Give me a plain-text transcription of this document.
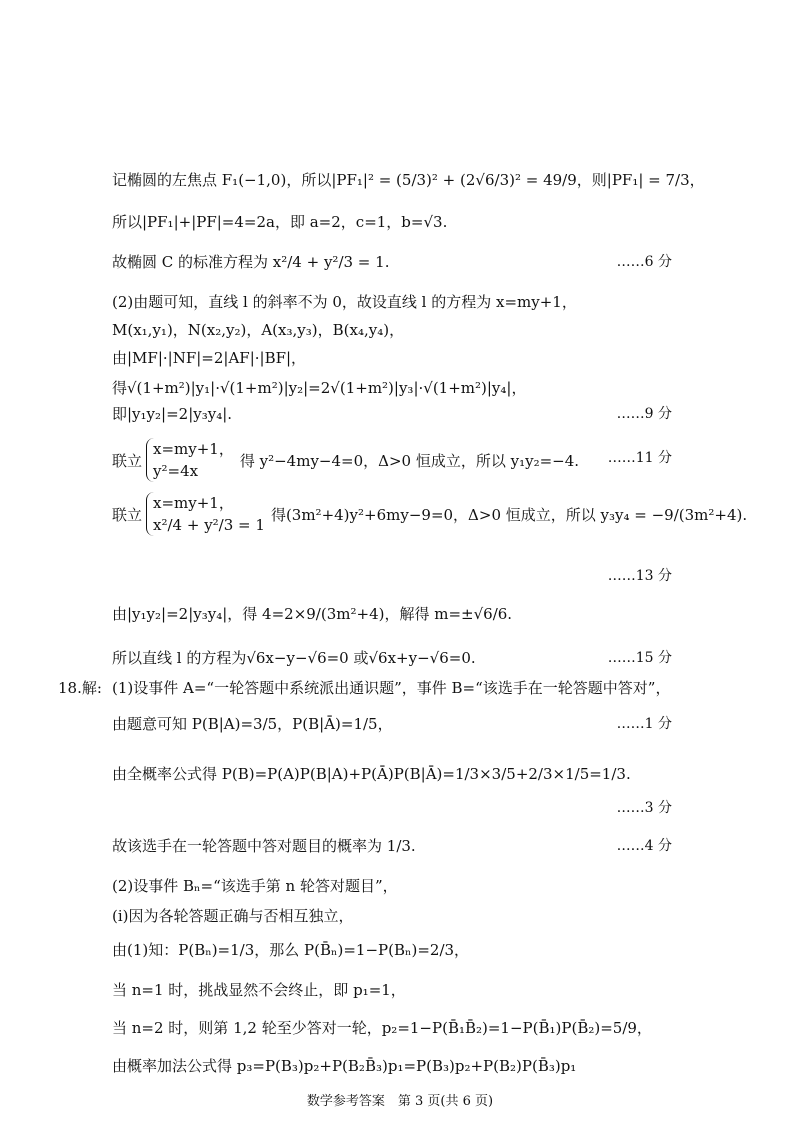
记椭圆的左焦点 F₁(−1,0)，所以|PF₁|² = (5/3)² + (2√6/3)² = 49/9，则|PF₁| = 7/3，
所以|PF₁|+|PF|=4=2a，即 a=2，c=1，b=√3.
故椭圆 C 的标准方程为 x²/4 + y²/3 = 1.	……6 分
(2)由题可知，直线 l 的斜率不为 0，故设直线 l 的方程为 x=my+1，
M(x₁,y₁)，N(x₂,y₂)，A(x₃,y₃)，B(x₄,y₄)，
由|MF|·|NF|=2|AF|·|BF|，
得√(1+m²)|y₁|·√(1+m²)|y₂|=2√(1+m²)|y₃|·√(1+m²)|y₄|，
即|y₁y₂|=2|y₃y₄|.	……9 分
联立
x=my+1，
y²=4x
得 y²−4my−4=0，Δ>0 恒成立，所以 y₁y₂=−4. ……11 分
联立
x=my+1，
x²/4 + y²/3 = 1
得(3m²+4)y²+6my−9=0，Δ>0 恒成立，所以 y₃y₄ = −9/(3m²+4).
……13 分
由|y₁y₂|=2|y₃y₄|，得 4=2×9/(3m²+4)，解得 m=±√6/6.
所以直线 l 的方程为√6x−y−√6=0 或√6x+y−√6=0.	……15 分
18.解: (1)设事件 A=“一轮答题中系统派出通识题”，事件 B=“该选手在一轮答题中答对”，
由题意可知 P(B|A)=3/5，P(B|Ā)=1/5，	……1 分
由全概率公式得 P(B)=P(A)P(B|A)+P(Ā)P(B|Ā)=1/3×3/5+2/3×1/5=1/3.
……3 分
故该选手在一轮答题中答对题目的概率为 1/3.	……4 分
(2)设事件 Bₙ=“该选手第 n 轮答对题目”，
(i)因为各轮答题正确与否相互独立，
由(1)知：P(Bₙ)=1/3，那么 P(B̄ₙ)=1−P(Bₙ)=2/3，
当 n=1 时，挑战显然不会终止，即 p₁=1，
当 n=2 时，则第 1,2 轮至少答对一轮，p₂=1−P(B̄₁B̄₂)=1−P(B̄₁)P(B̄₂)=5/9，
由概率加法公式得 p₃=P(B₃)p₂+P(B₂B̄₃)p₁=P(B₃)p₂+P(B₂)P(B̄₃)p₁
数学参考答案　第 3 页(共 6 页)
